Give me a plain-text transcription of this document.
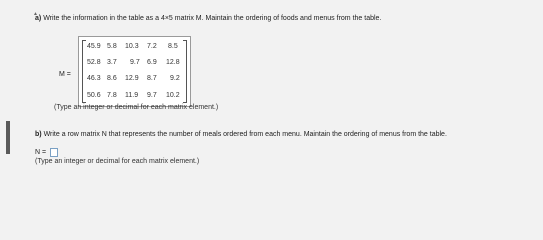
▲
a) Write the information in the table as a 4×5 matrix M. Maintain the ordering of foods and menus from the table.
M =
45.9 5.8 10.3 7.2 8.5
52.8 3.7 9.7 6.9 12.8
46.3 8.6 12.9 8.7 9.2
50.6 7.8 11.9 9.7 10.2
(Type an integer or decimal for each matrix element.)
b) Write a row matrix N that represents the number of meals ordered from each menu. Maintain the ordering of menus from the table.
N =
(Type an integer or decimal for each matrix element.)
